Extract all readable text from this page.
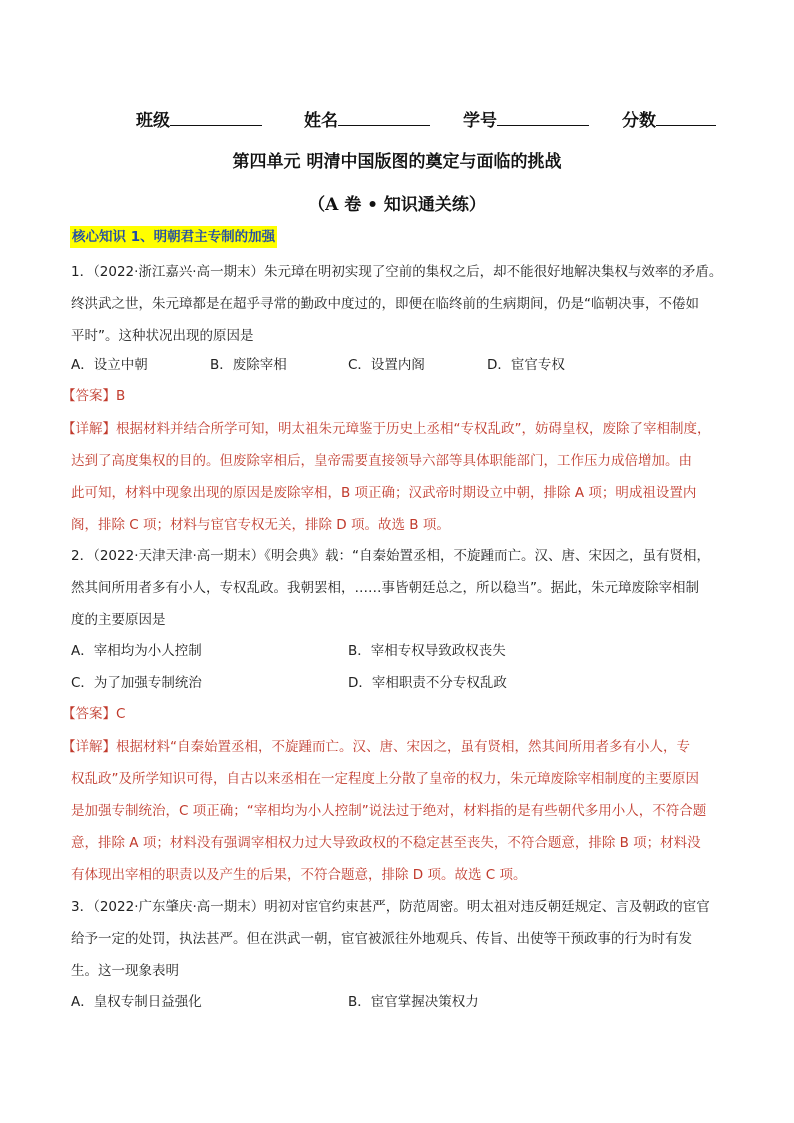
班级	姓名	学号	分数
第四单元 明清中国版图的奠定与面临的挑战
（A 卷 • 知识通关练）
核心知识 1、明朝君主专制的加强
1．（2022·浙江嘉兴·高一期末）朱元璋在明初实现了空前的集权之后，却不能很好地解决集权与效率的矛盾。
终洪武之世，朱元璋都是在超乎寻常的勤政中度过的，即便在临终前的生病期间，仍是“临朝决事，不倦如
平时”。这种状况出现的原因是
A．设立中朝	B．废除宰相	C．设置内阁	D．宦官专权
【答案】B
【详解】根据材料并结合所学可知，明太祖朱元璋鉴于历史上丞相“专权乱政”，妨碍皇权，废除了宰相制度，
达到了高度集权的目的。但废除宰相后，皇帝需要直接领导六部等具体职能部门，工作压力成倍增加。由
此可知，材料中现象出现的原因是废除宰相，B 项正确；汉武帝时期设立中朝，排除 A 项；明成祖设置内
阁，排除 C 项；材料与宦官专权无关，排除 D 项。故选 B 项。
2．（2022·天津天津·高一期末）《明会典》载：“自秦始置丞相，不旋踵而亡。汉、唐、宋因之，虽有贤相，
然其间所用者多有小人，专权乱政。我朝罢相，……事皆朝廷总之，所以稳当”。据此，朱元璋废除宰相制
度的主要原因是
A．宰相均为小人控制	B．宰相专权导致政权丧失
C．为了加强专制统治	D．宰相职责不分专权乱政
【答案】C
【详解】根据材料“自秦始置丞相，不旋踵而亡。汉、唐、宋因之，虽有贤相，然其间所用者多有小人，专
权乱政”及所学知识可得，自古以来丞相在一定程度上分散了皇帝的权力，朱元璋废除宰相制度的主要原因
是加强专制统治，C 项正确；“宰相均为小人控制”说法过于绝对，材料指的是有些朝代多用小人，不符合题
意，排除 A 项；材料没有强调宰相权力过大导致政权的不稳定甚至丧失，不符合题意，排除 B 项；材料没
有体现出宰相的职责以及产生的后果，不符合题意，排除 D 项。故选 C 项。
3．（2022·广东肇庆·高一期末）明初对宦官约束甚严，防范周密。明太祖对违反朝廷规定、言及朝政的宦官
给予一定的处罚，执法甚严。但在洪武一朝，宦官被派往外地观兵、传旨、出使等干预政事的行为时有发
生。这一现象表明
A．皇权专制日益强化	B．宦官掌握决策权力
